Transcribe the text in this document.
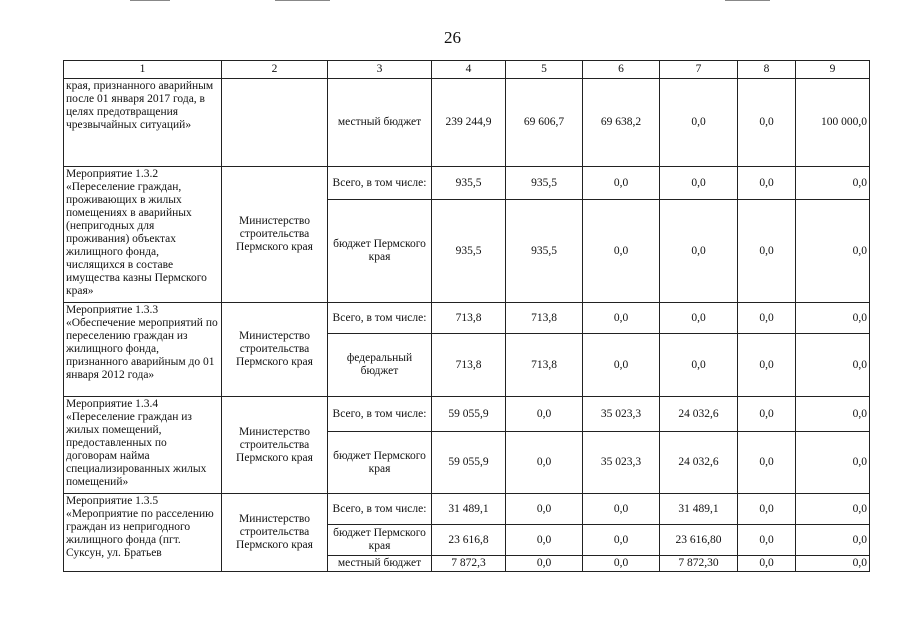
26
1	2	3	4	5	6	7	8	9
края, признанного аварийным после 01 января 2017 года, в целях предотвращения чрезвычайных ситуаций»		местный бюджет	239 244,9	69 606,7	69 638,2	0,0	0,0	100 000,0
Мероприятие 1.3.2 «Переселение граждан, проживающих в жилых помещениях в аварийных (непригодных для проживания) объектах жилищного фонда, числящихся в составе имущества казны Пермского края»	Министерство строительства Пермского края	Всего, в том числе:	935,5	935,5	0,0	0,0	0,0	0,0
		бюджет Пермского края	935,5	935,5	0,0	0,0	0,0	0,0
Мероприятие 1.3.3 «Обеспечение мероприятий по переселению граждан из жилищного фонда, признанного аварийным до 01 января 2012 года»	Министерство строительства Пермского края	Всего, в том числе:	713,8	713,8	0,0	0,0	0,0	0,0
		федеральный бюджет	713,8	713,8	0,0	0,0	0,0	0,0
Мероприятие 1.3.4 «Переселение граждан из жилых помещений, предоставленных по договорам найма специализированных жилых помещений»	Министерство строительства Пермского края	Всего, в том числе:	59 055,9	0,0	35 023,3	24 032,6	0,0	0,0
		бюджет Пермского края	59 055,9	0,0	35 023,3	24 032,6	0,0	0,0
Мероприятие 1.3.5 «Мероприятие по расселению граждан из непригодного жилищного фонда (пгт. Суксун, ул. Братьев	Министерство строительства Пермского края	Всего, в том числе:	31 489,1	0,0	0,0	31 489,1	0,0	0,0
		бюджет Пермского края	23 616,8	0,0	0,0	23 616,80	0,0	0,0
		местный бюджет	7 872,3	0,0	0,0	7 872,30	0,0	0,0
